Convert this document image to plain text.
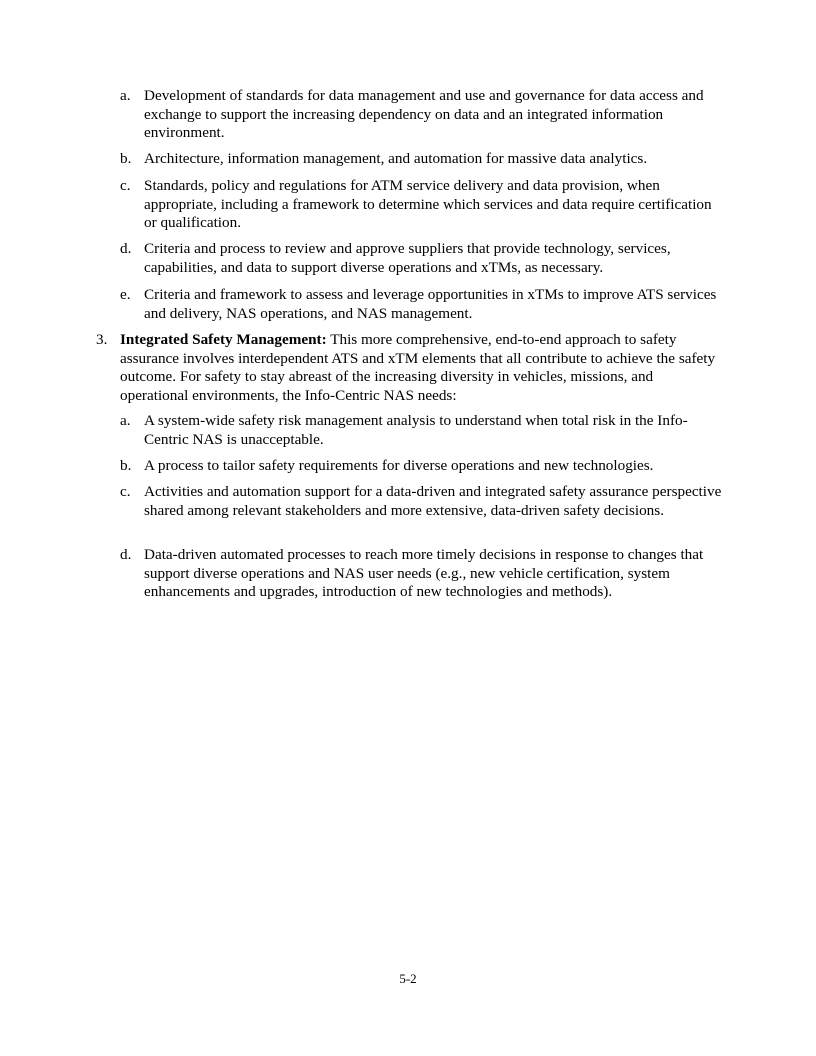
a. Development of standards for data management and use and governance for data access and exchange to support the increasing dependency on data and an integrated information environment.
b. Architecture, information management, and automation for massive data analytics.
c. Standards, policy and regulations for ATM service delivery and data provision, when appropriate, including a framework to determine which services and data require certification or qualification.
d. Criteria and process to review and approve suppliers that provide technology, services, capabilities, and data to support diverse operations and xTMs, as necessary.
e. Criteria and framework to assess and leverage opportunities in xTMs to improve ATS services and delivery, NAS operations, and NAS management.
3. Integrated Safety Management: This more comprehensive, end-to-end approach to safety assurance involves interdependent ATS and xTM elements that all contribute to achieve the safety outcome. For safety to stay abreast of the increasing diversity in vehicles, missions, and operational environments, the Info-Centric NAS needs:
a. A system-wide safety risk management analysis to understand when total risk in the Info-Centric NAS is unacceptable.
b. A process to tailor safety requirements for diverse operations and new technologies.
c. Activities and automation support for a data-driven and integrated safety assurance perspective shared among relevant stakeholders and more extensive, data-driven safety decisions.
d. Data-driven automated processes to reach more timely decisions in response to changes that support diverse operations and NAS user needs (e.g., new vehicle certification, system enhancements and upgrades, introduction of new technologies and methods).
5-2
